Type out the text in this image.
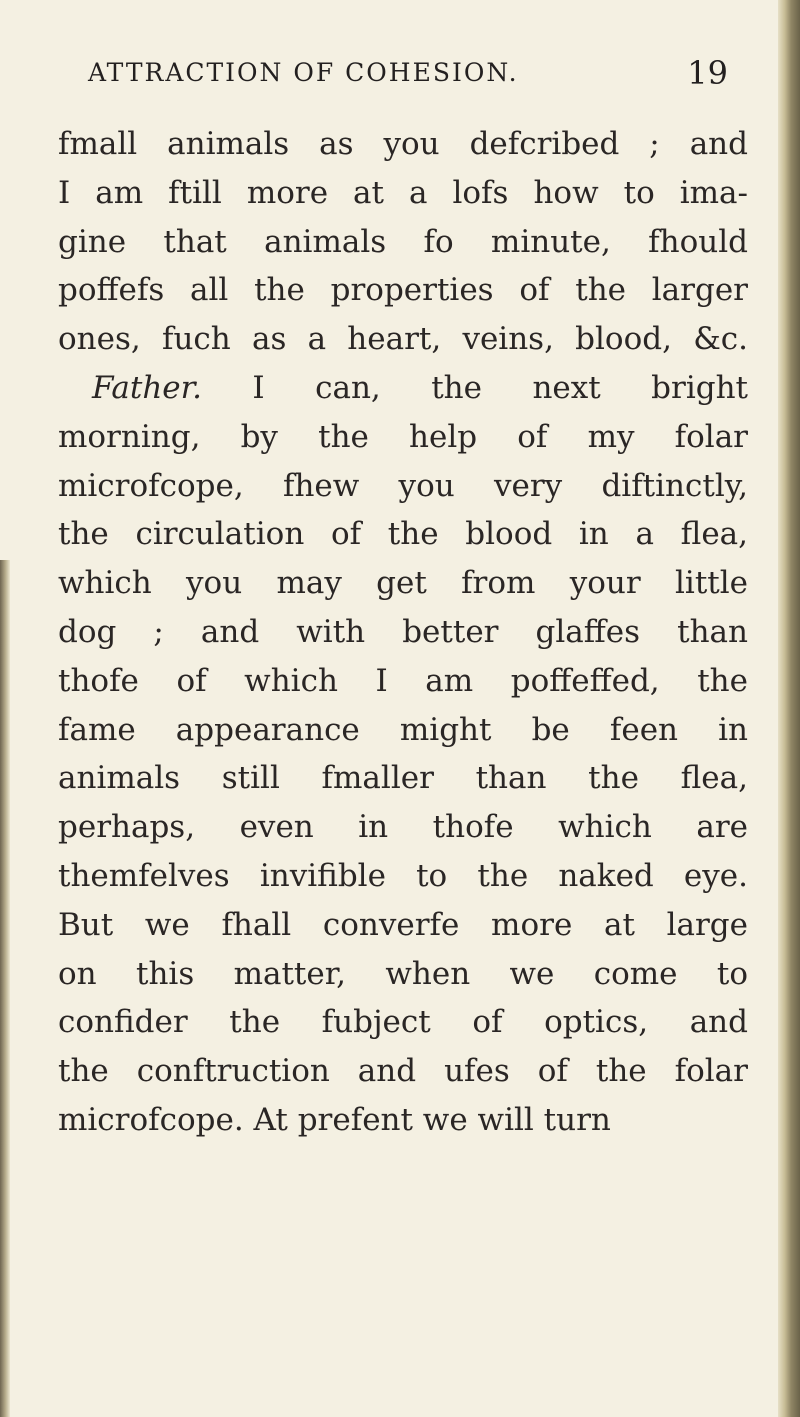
ATTRACTION OF COHESION.	19
fmall animals as you defcribed ; and
I am ftill more at a lofs how to ima-
gine that animals fo minute, fhould
poffefs all the properties of the larger
ones, fuch as a heart, veins, blood, &c.
Father. I can, the next bright
morning, by the help of my folar
microfcope, fhew you very diftinctly,
the circulation of the blood in a flea,
which you may get from your little
dog ; and with better glaffes than
thofe of which I am poffeffed, the
fame appearance might be feen in
animals still fmaller than the flea,
perhaps, even in thofe which are
themfelves invifible to the naked eye.
But we fhall converfe more at large
on this matter, when we come to
confider the fubject of optics, and
the conftruction and ufes of the folar
microfcope. At prefent we will turn
